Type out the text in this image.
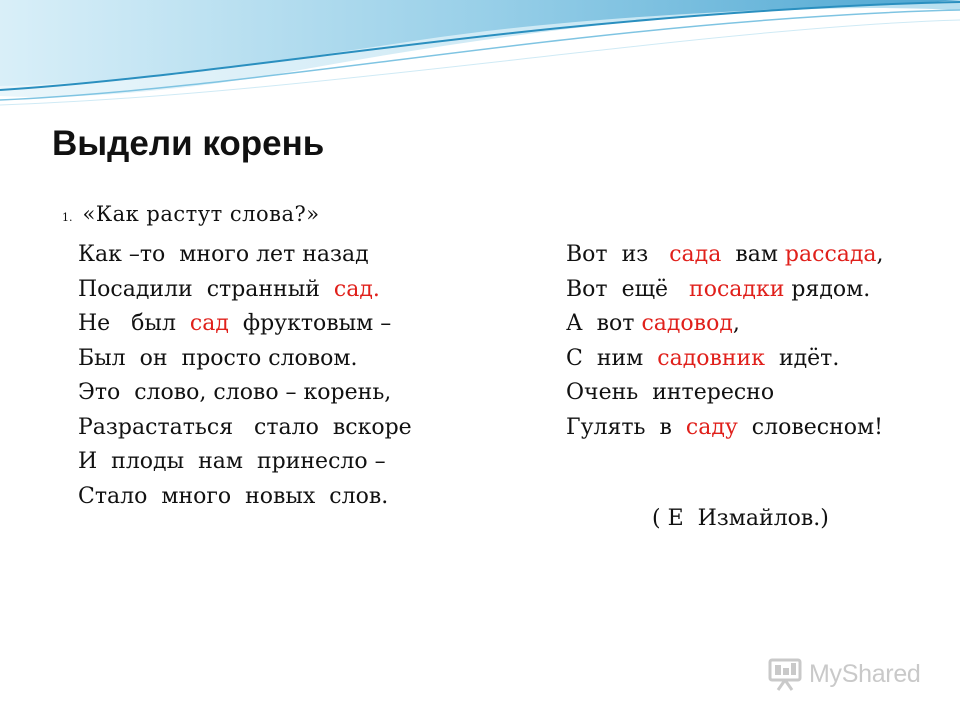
Выдели корень
1. «Как растут слова?»
Как –то  много лет назад
Посадили  странный  сад.
Не   был  сад  фруктовым –
Был  он  просто словом.
Это  слово, слово – корень,
Разрастаться   стало  вскоре
И  плоды  нам  принесло –
Стало  много  новых  слов.
Вот  из   сада  вам рассада,
Вот  ещё   посадки рядом.
А  вот садовод,
С  ним  садовник  идёт.
Очень  интересно
Гулять  в  саду  словесном!
( Е  Измайлов.)
MyShared
